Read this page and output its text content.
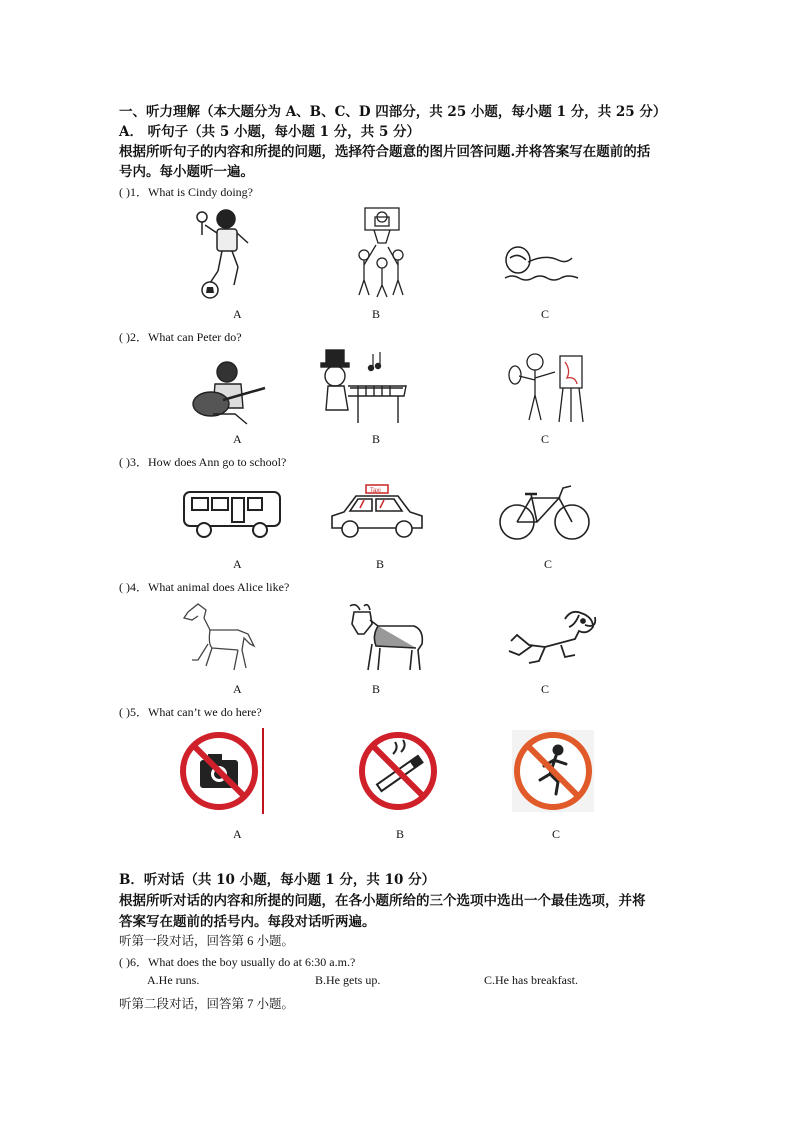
一、听力理解（本大题分为 A、B、C、D 四部分，共 25 小题，每小题 1 分，共 25 分）
A． 听句子（共 5 小题，每小题 1 分，共 5 分）
根据所听句子的内容和所提的问题，选择符合题意的图片回答问题.并将答案写在题前的括
号内。每小题听一遍。
( )1．What is Cindy doing?
A	B	C
( )2．What can Peter do?
A	B	C
( )3．How does Ann go to school?
Taxi
A	B	C
( )4．What animal does Alice like?
A	B	C
( )5．What can’t we do here?
A	B	C
B．听对话（共 10 小题，每小题 1 分，共 10 分）
根据所听对话的内容和所提的问题，在各小题所给的三个选项中选出一个最佳选项，并将
答案写在题前的括号内。每段对话听两遍。
听第一段对话，回答第 6 小题。
( )6．What does the boy usually do at 6:30 a.m.?
A.He runs.	B.He gets up.	C.He has breakfast.
听第二段对话，回答第 7 小题。
